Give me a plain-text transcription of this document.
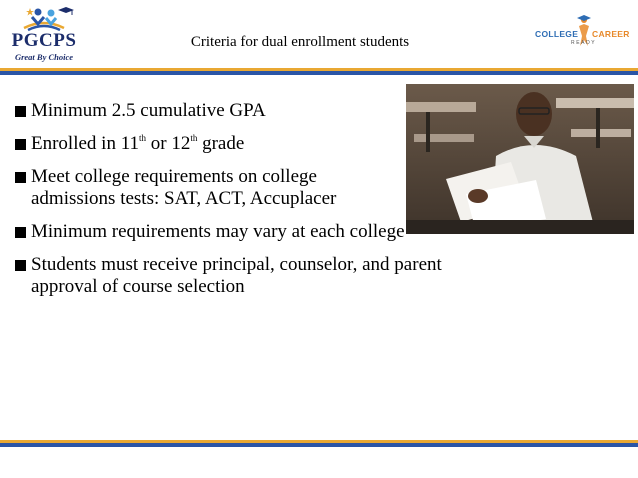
PGCPS
Great By Choice
Criteria for dual enrollment students	COLLEGE CAREER
READY
Minimum 2.5 cumulative GPA
Enrolled in 11th or 12th grade
Meet college requirements on college
admissions tests: SAT, ACT, Accuplacer
Minimum requirements may vary at each college
Students must receive principal, counselor, and parent
approval of course selection
